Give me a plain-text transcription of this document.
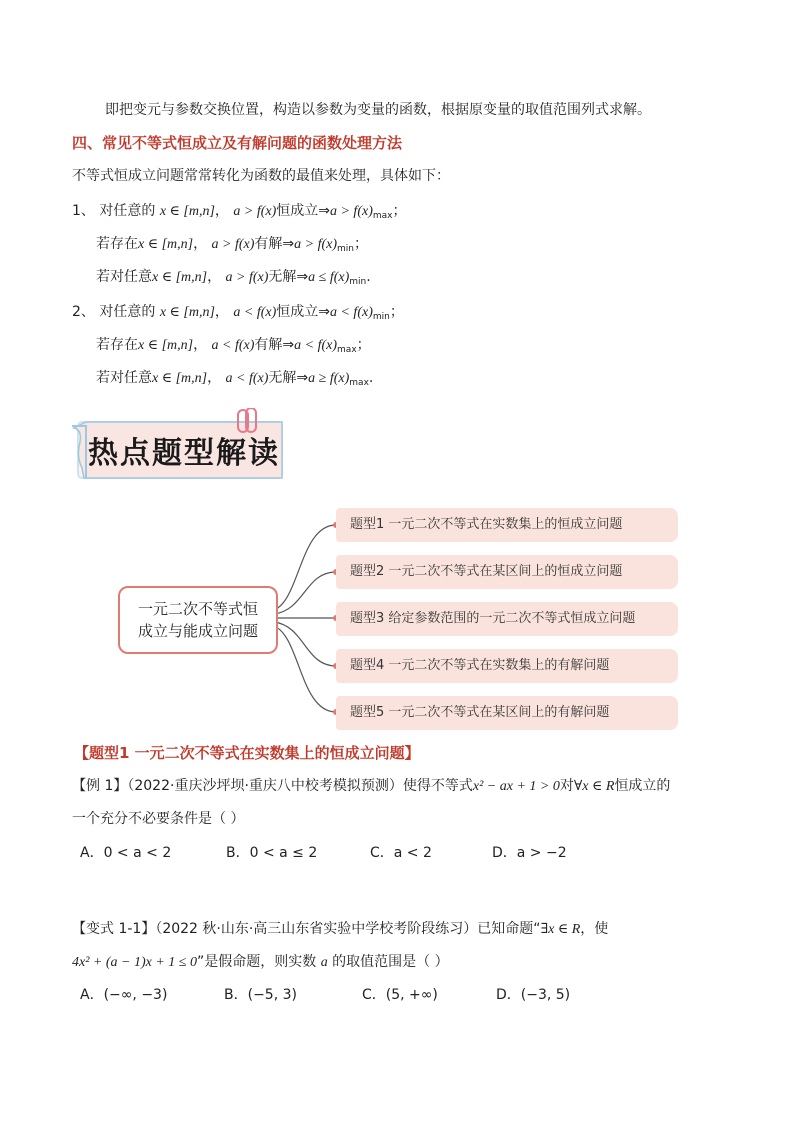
即把变元与参数交换位置，构造以参数为变量的函数，根据原变量的取值范围列式求解。
四、常见不等式恒成立及有解问题的函数处理方法
不等式恒成立问题常常转化为函数的最值来处理，具体如下：
1、 对任意的 x ∈ [m,n]， a > f(x)恒成立⇒a > $f(x)_{max}$；
若存在x ∈ [m,n]， a > f(x)有解⇒a > $f(x)_{min}$；
若对任意x ∈ [m,n]， a > f(x)无解⇒a ≤ $f(x)_{min}$.
2、 对任意的 x ∈ [m,n]， a < f(x)恒成立⇒a < $f(x)_{min}$；
若存在x ∈ [m,n]， a < f(x)有解⇒a < $f(x)_{max}$；
若对任意x ∈ [m,n]， a < f(x)无解⇒a ≥ $f(x)_{max}$.
热点题型解读
一元二次不等式恒
成立与能成立问题
题型1 一元二次不等式在实数集上的恒成立问题
题型2 一元二次不等式在某区间上的恒成立问题
题型3 给定参数范围的一元二次不等式恒成立问题
题型4 一元二次不等式在实数集上的有解问题
题型5 一元二次不等式在某区间上的有解问题
【题型1 一元二次不等式在实数集上的恒成立问题】
【例 1】（2022·重庆沙坪坝·重庆八中校考模拟预测）使得不等式x² − ax + 1 > 0对∀x ∈ R恒成立的
一个充分不必要条件是（ ）
A．0 < a < 2	B．0 < a ≤ 2	C．a < 2	D．a > −2
【变式 1-1】（2022 秋·山东·高三山东省实验中学校考阶段练习）已知命题“∃x ∈ R，使
4x² + (a − 1)x + 1 ≤ 0”是假命题，则实数 a 的取值范围是（ ）
A．(−∞, −3)	B．(−5, 3)	C．(5, +∞)	D．(−3, 5)
